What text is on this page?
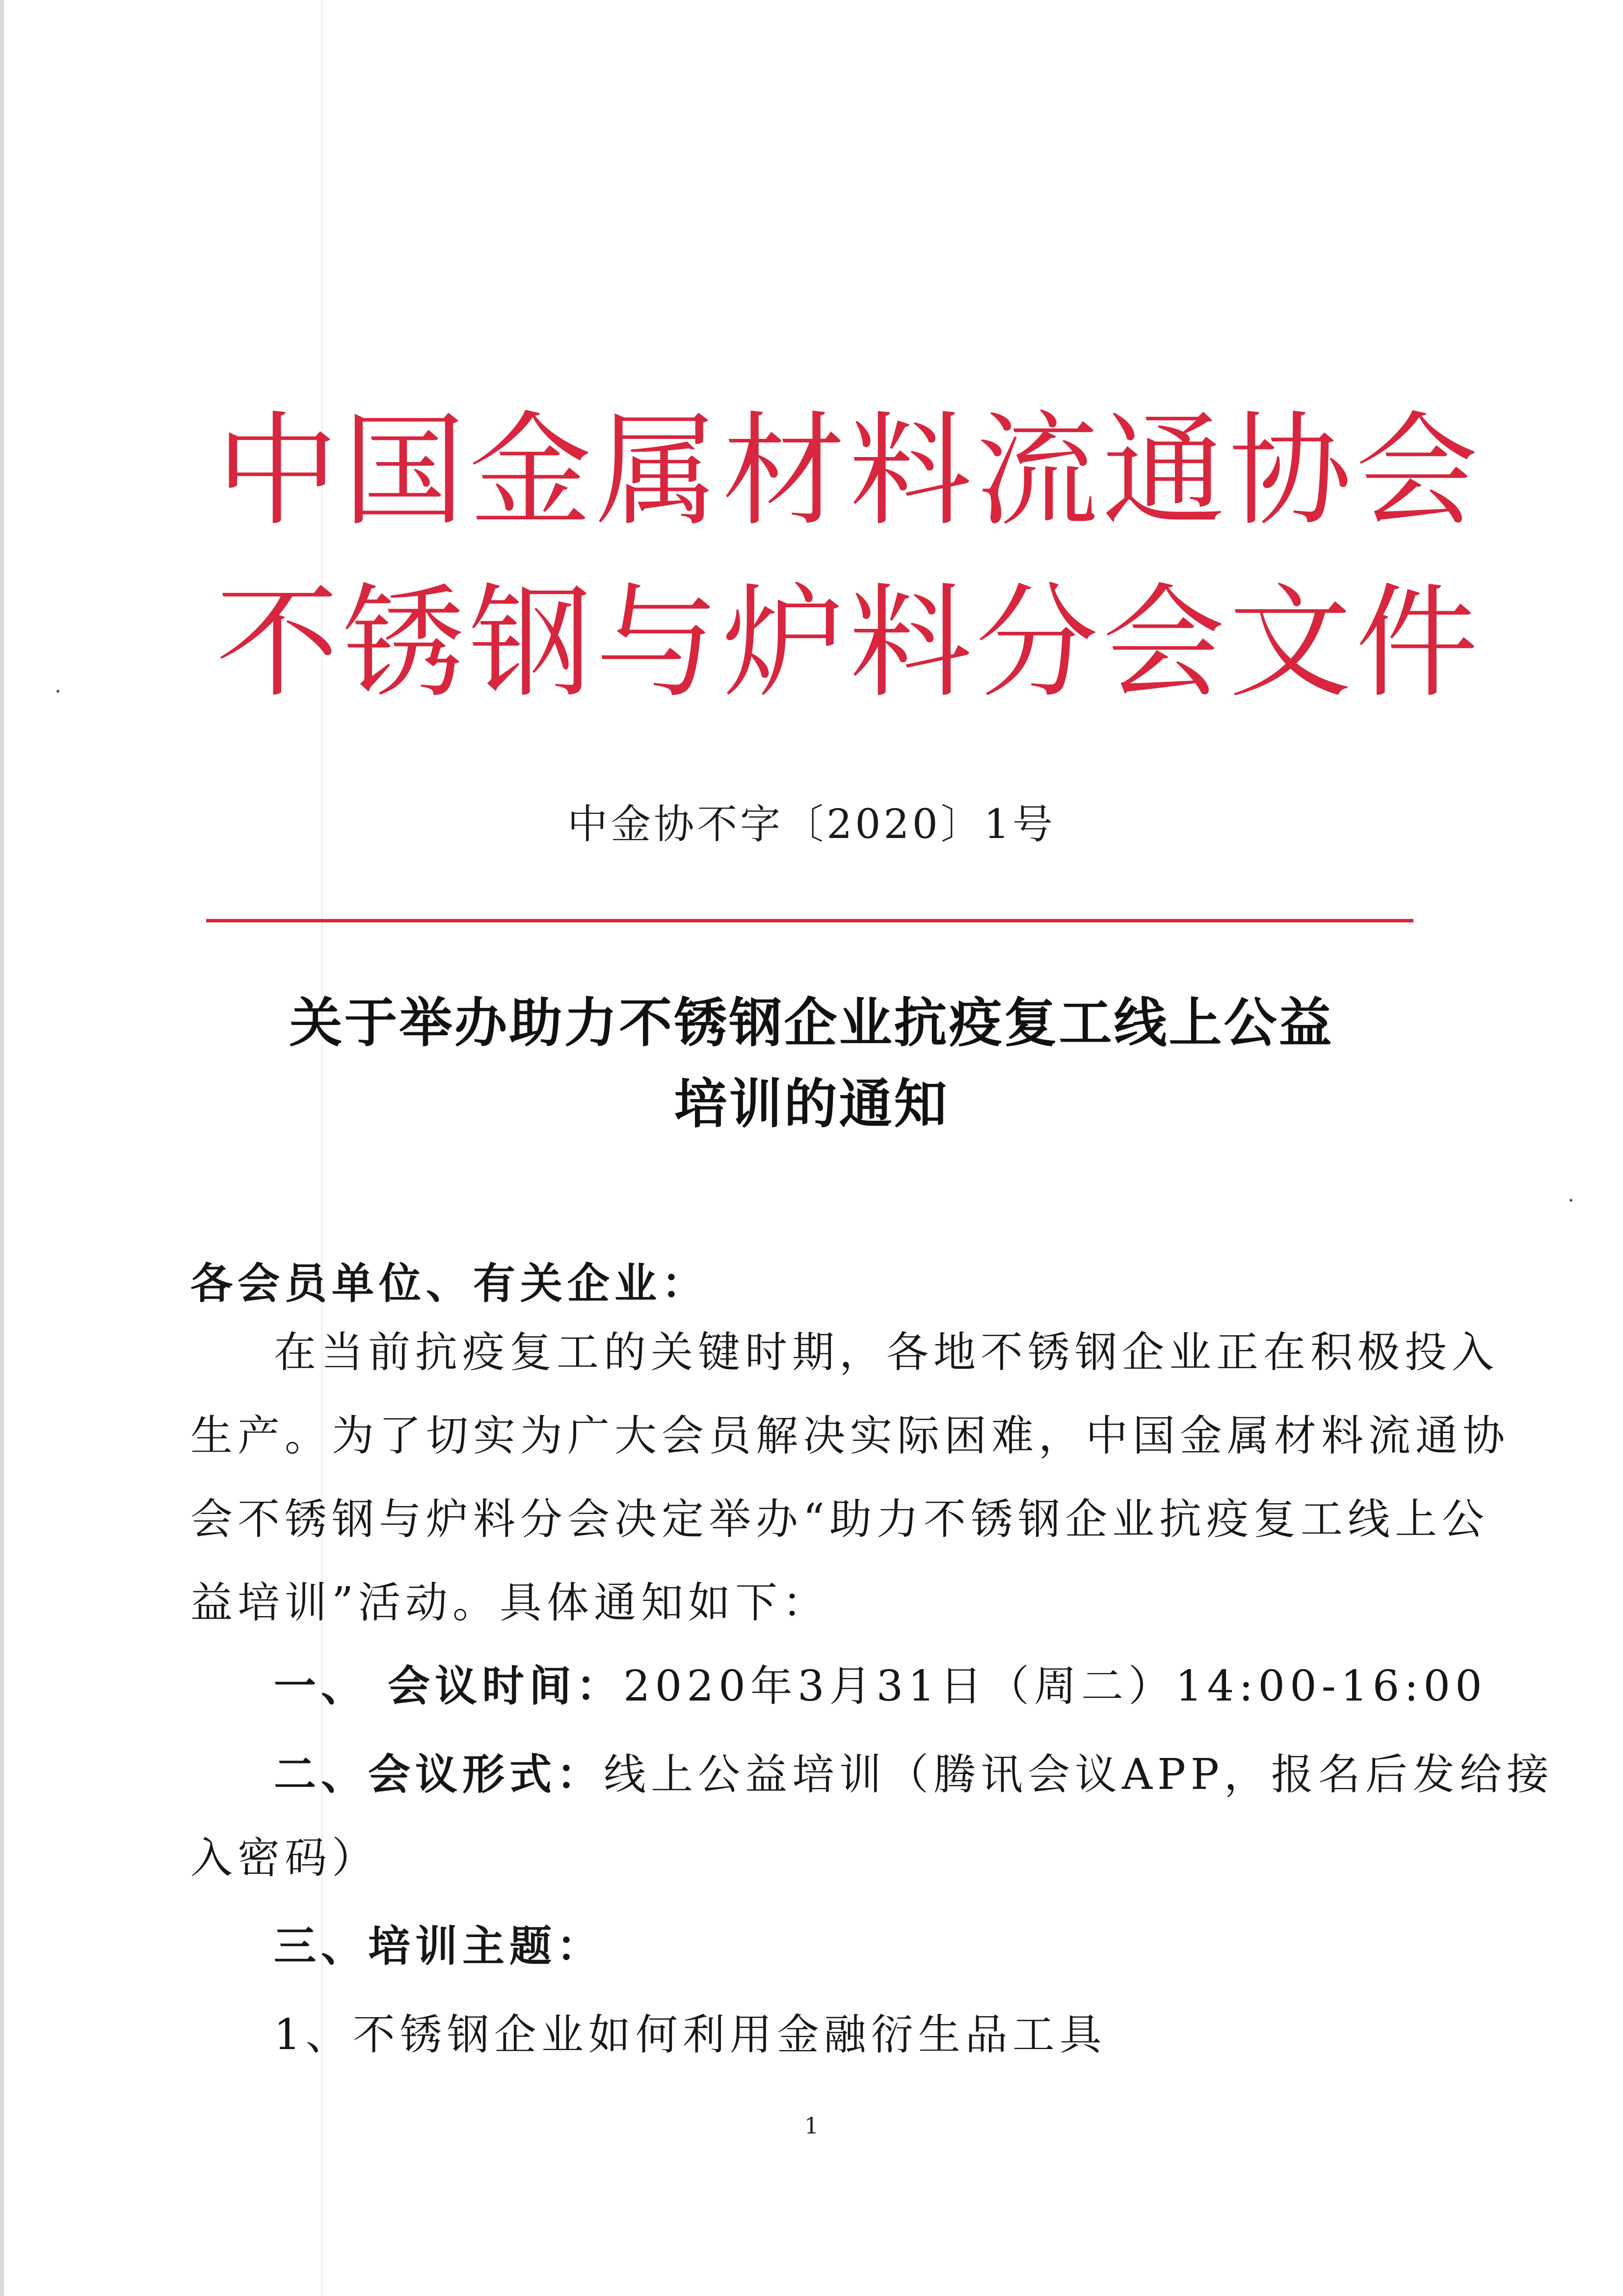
中国金属材料流通协会
不锈钢与炉料分会文件
中金协不字〔2020〕1号
关于举办助力不锈钢企业抗疫复工线上公益
培训的通知
各会员单位、有关企业：
在当前抗疫复工的关键时期，各地不锈钢企业正在积极投入
生产。为了切实为广大会员解决实际困难，中国金属材料流通协
会不锈钢与炉料分会决定举办“助力不锈钢企业抗疫复工线上公
益培训”活动。具体通知如下：
一、 会议时间：2020年3月31日（周二）14:00-16:00
二、会议形式：线上公益培训（腾讯会议APP，报名后发给接
入密码）
三、培训主题：
1、不锈钢企业如何利用金融衍生品工具
1
